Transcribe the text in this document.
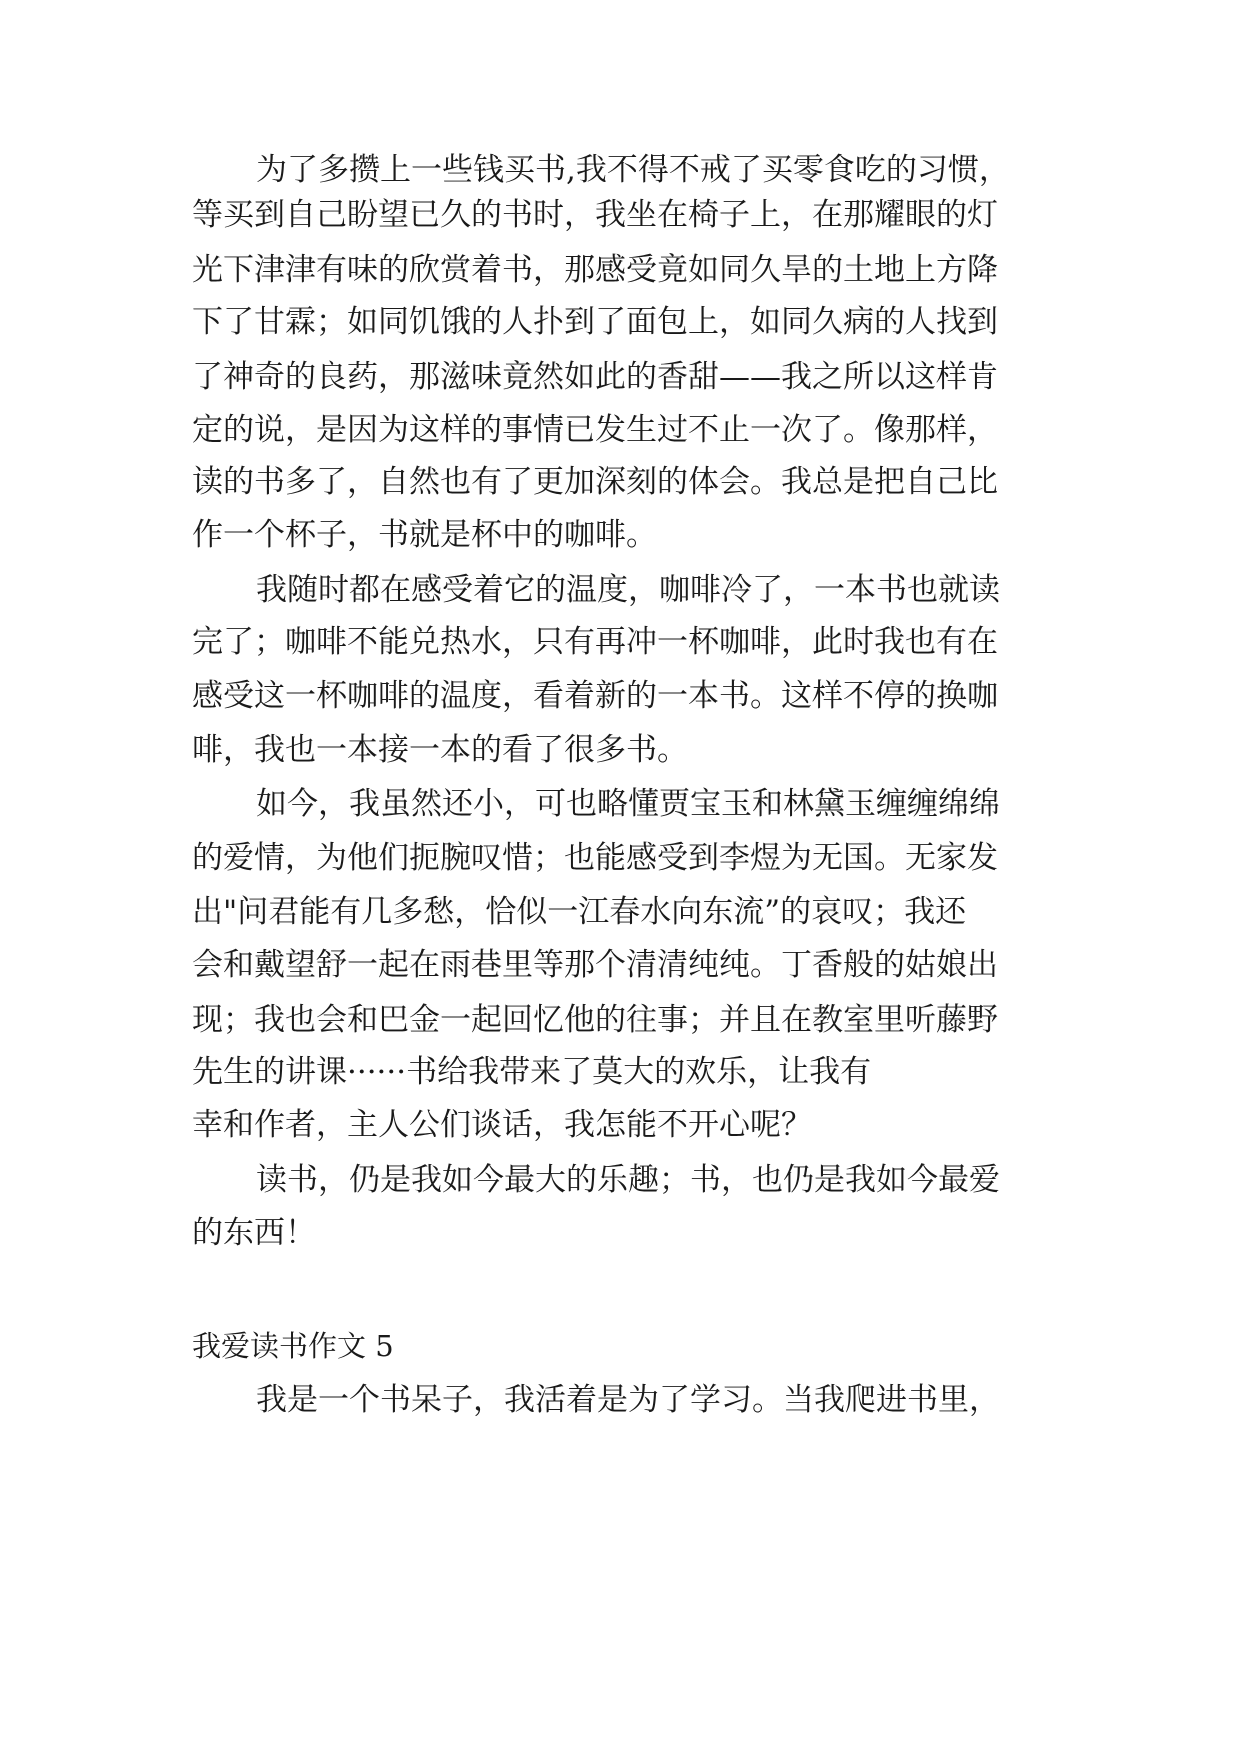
为了多攒上一些钱买书,我不得不戒了买零食吃的习惯，
等买到自己盼望已久的书时，我坐在椅子上，在那耀眼的灯
光下津津有味的欣赏着书，那感受竟如同久旱的土地上方降
下了甘霖；如同饥饿的人扑到了面包上，如同久病的人找到
了神奇的良药，那滋味竟然如此的香甜——我之所以这样肯
定的说，是因为这样的事情已发生过不止一次了。像那样，
读的书多了，自然也有了更加深刻的体会。我总是把自己比
作一个杯子，书就是杯中的咖啡。
我随时都在感受着它的温度，咖啡冷了，一本书也就读
完了；咖啡不能兑热水，只有再冲一杯咖啡，此时我也有在
感受这一杯咖啡的温度，看着新的一本书。这样不停的换咖
啡，我也一本接一本的看了很多书。
如今，我虽然还小，可也略懂贾宝玉和林黛玉缠缠绵绵
的爱情，为他们扼腕叹惜；也能感受到李煜为无国。无家发
出"问君能有几多愁，恰似一江春水向东流”的哀叹；我还
会和戴望舒一起在雨巷里等那个清清纯纯。丁香般的姑娘出
现；我也会和巴金一起回忆他的往事；并且在教室里听藤野
先生的讲课······书给我带来了莫大的欢乐，让我有
幸和作者，主人公们谈话，我怎能不开心呢？
读书，仍是我如今最大的乐趣；书，也仍是我如今最爱
的东西！
我爱读书作文 5
我是一个书呆子，我活着是为了学习。当我爬进书里，
